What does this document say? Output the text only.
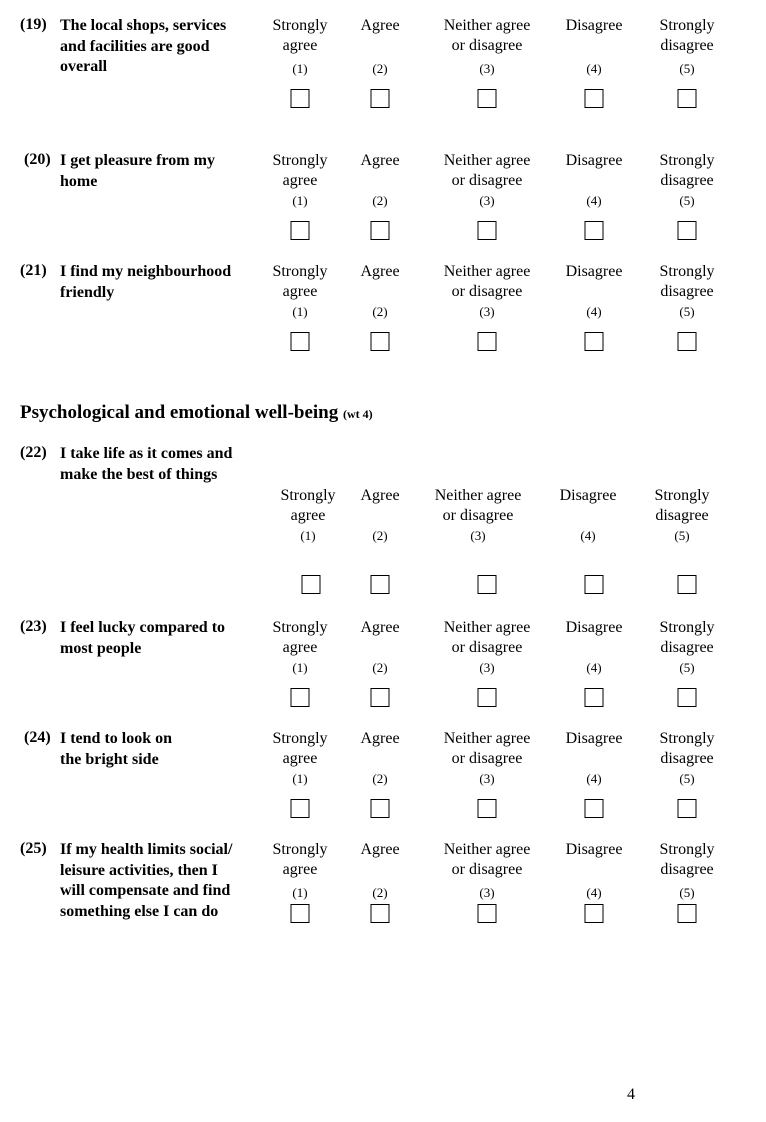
(19) The local shops, services
and facilities are good
overall
Strongly
agree
(1)
Agree
(2)
Neither agree
or disagree
(3)
Disagree
(4)
Strongly
disagree
(5)
(20) I get pleasure from my
home
Strongly
agree
(1)
Agree
(2)
Neither agree
or disagree
(3)
Disagree
(4)
Strongly
disagree
(5)
(21) I find my neighbourhood
friendly
Strongly
agree
(1)
Agree
(2)
Neither agree
or disagree
(3)
Disagree
(4)
Strongly
disagree
(5)
(22) I take life as it comes and
make the best of things
Strongly
agree
(1)
Agree
(2)
Neither agree
or disagree
(3)
Disagree
(4)
Strongly
disagree
(5)
(23) I feel lucky compared to
most people
Strongly
agree
(1)
Agree
(2)
Neither agree
or disagree
(3)
Disagree
(4)
Strongly
disagree
(5)
(24) I tend to look on
the bright side
Strongly
agree
(1)
Agree
(2)
Neither agree
or disagree
(3)
Disagree
(4)
Strongly
disagree
(5)
(25) If my health limits social/
leisure activities, then I
will compensate and find
something else I can do
Strongly
agree
(1)
Agree
(2)
Neither agree
or disagree
(3)
Disagree
(4)
Strongly
disagree
(5)
Psychological and emotional well-being (wt 4)
4
